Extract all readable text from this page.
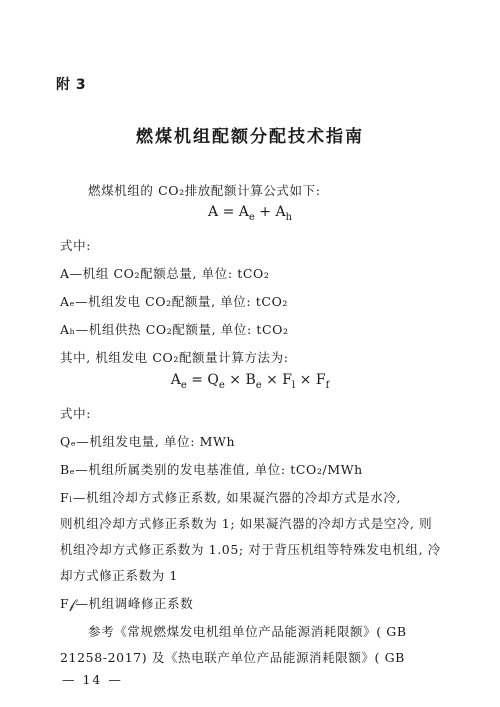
附 3
燃煤机组配额分配技术指南
燃煤机组的 CO₂排放配额计算公式如下:
$A = A_e + A_h$
式中:
A—机组 CO₂配额总量, 单位: tCO₂
Aₑ—机组发电 CO₂配额量, 单位: tCO₂
Aₕ—机组供热 CO₂配额量, 单位: tCO₂
其中, 机组发电 CO₂配额量计算方法为:
$A_e = Q_e \times B_e \times F_l \times F_f$
式中:
Qₑ—机组发电量, 单位: MWh
Bₑ—机组所属类别的发电基准值, 单位: tCO₂/MWh
Fₗ—机组冷却方式修正系数, 如果凝汽器的冷却方式是水冷,
则机组冷却方式修正系数为 1; 如果凝汽器的冷却方式是空冷, 则
机组冷却方式修正系数为 1.05; 对于背压机组等特殊发电机组, 冷
却方式修正系数为 1
F𝒻—机组调峰修正系数
参考《常规燃煤发电机组单位产品能源消耗限额》( GB
— 14 —
21258-2017) 及《热电联产单位产品能源消耗限额》( GB
